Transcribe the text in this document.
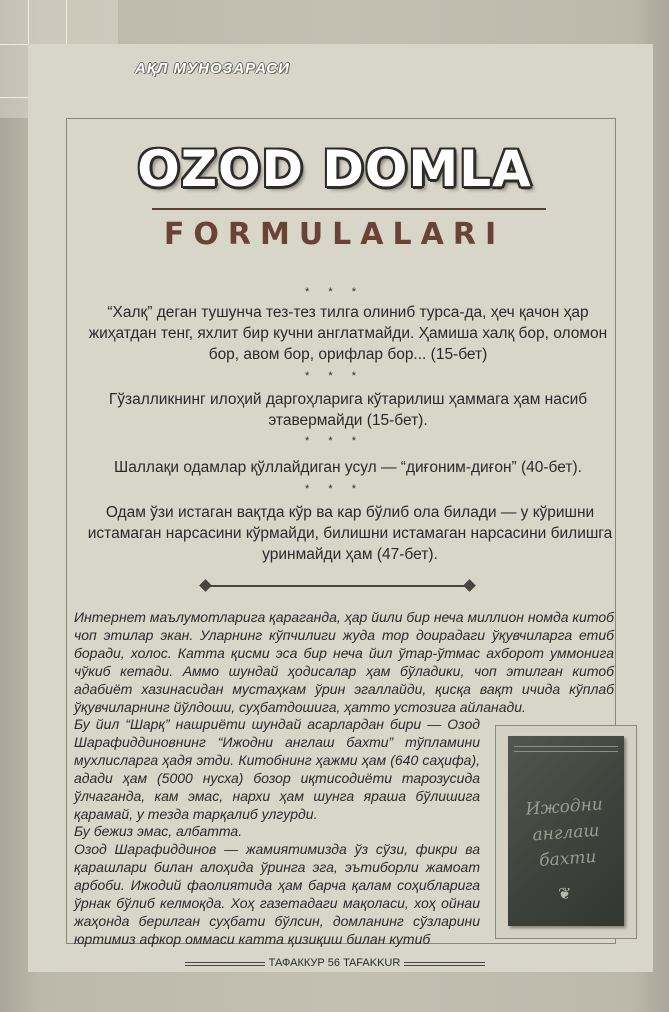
АҚЛ МУНОЗАРАСИ
OZOD DOMLA
FORMULALARI
* * *
“Халқ” деган тушунча тез-тез тилга олиниб турса-да, ҳеч қачон ҳар жиҳатдан тенг, яхлит бир кучни англатмайди. Ҳамиша халқ бор, оломон бор, авом бор, орифлар бор... (15-бет)
* * *
Гўзалликнинг илоҳий даргоҳларига кўтарилиш ҳаммага ҳам насиб этавермайди (15-бет).
* * *
Шаллақи одамлар қўллайдиган усул — “диғоним-диғон” (40-бет).
* * *
Одам ўзи истаган вақтда кўр ва кар бўлиб ола билади — у кўришни истамаган нарсасини кўрмайди, билишни истамаган нарсасини билишга уринмайди ҳам (47-бет).

Интернет маълумотларига қараганда, ҳар йили бир неча миллион номда китоб чоп этилар экан. Уларнинг кўпчилиги жуда тор доирадаги ўқувчиларга етиб боради, холос. Катта қисми эса бир неча йил ўтар-ўтмас ахборот уммонига чўкиб кетади. Аммо шундай ҳодисалар ҳам бўладики, чоп этилган китоб адабиёт хазинасидан мустаҳкам ўрин эгаллайди, қисқа вақт ичида кўплаб ўқувчиларнинг йўлдоши, суҳбатдошига, ҳатто устозига айланади.

Бу йил “Шарқ” нашриёти шундай асарлардан бири — Озод Шарафиддиновнинг “Ижодни англаш бахти” тўпламини мухлисларга ҳадя этди. Китобнинг ҳажми ҳам (640 саҳифа), адади ҳам (5000 нусха) бозор иқтисодиёти тарозусида ўлчаганда, кам эмас, нархи ҳам шунга яраша бўлишига қарамай, у тезда тарқалиб улгурди.

Бу бежиз эмас, албатта.

Озод Шарафиддинов — жамиятимизда ўз сўзи, фикри ва қарашлари билан алоҳида ўринга эга, эътиборли жамоат арбоби. Ижодий фаолиятида ҳам барча қалам соҳибларига ўрнак бўлиб келмоқда. Хоҳ газетадаги мақоласи, хоҳ ойнаи жаҳонда берилган суҳбати бўлсин, домланинг сўзларини юртимиз афкор оммаси катта қизиқиш билан кутиб

Ижодни англаш бахти
❦
ТАФАККУР 56 TAFAKKUR
